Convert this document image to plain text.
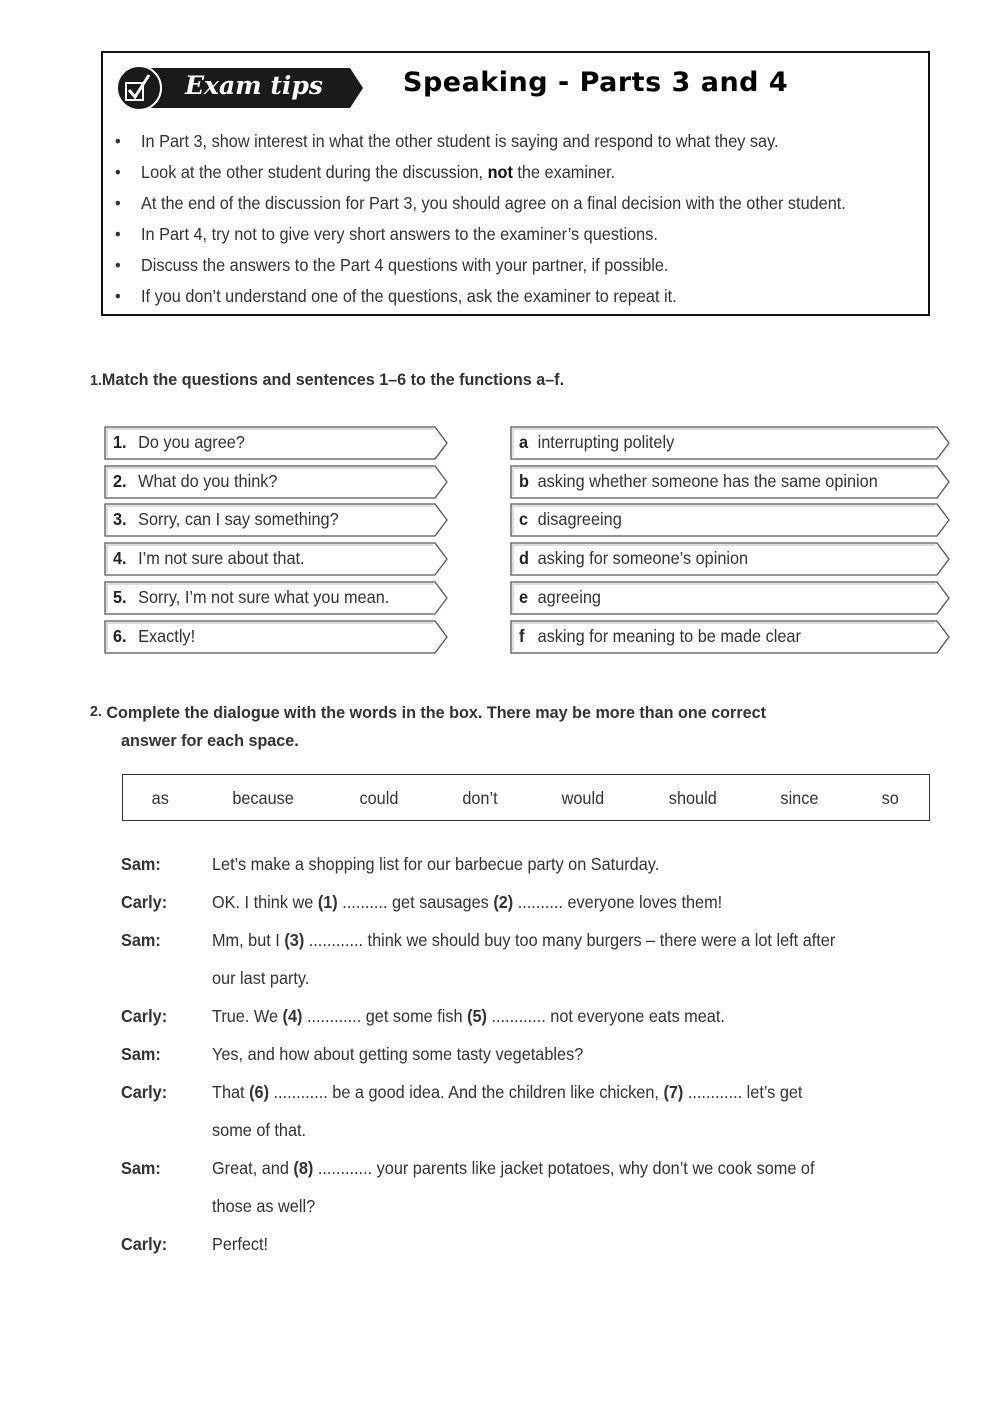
Exam tips	Speaking - Parts 3 and 4
• In Part 3, show interest in what the other student is saying and respond to what they say.
• Look at the other student during the discussion, not the examiner.
• At the end of the discussion for Part 3, you should agree on a final decision with the other student.
• In Part 4, try not to give very short answers to the examiner’s questions.
• Discuss the answers to the Part 4 questions with your partner, if possible.
• If you don’t understand one of the questions, ask the examiner to repeat it.
1.Match the questions and sentences 1–6 to the functions a–f.
1. Do you agree?
2. What do you think?
3. Sorry, can I say something?
4. I’m not sure about that.
5. Sorry, I’m not sure what you mean.
6. Exactly!
a interrupting politely
b asking whether someone has the same opinion
c disagreeing
d asking for someone’s opinion
e agreeing
f asking for meaning to be made clear
2. Complete the dialogue with the words in the box. There may be more than one correct
answer for each space.
as	because	could	don’t	would	should	since	so
Sam:	Let’s make a shopping list for our barbecue party on Saturday.
Carly:	OK. I think we (1) .......... get sausages (2) .......... everyone loves them!
Sam:	Mm, but I (3) ............ think we should buy too many burgers – there were a lot left after
our last party.
Carly:	True. We (4) ............ get some fish (5) ............ not everyone eats meat.
Sam:	Yes, and how about getting some tasty vegetables?
Carly:	That (6) ............ be a good idea. And the children like chicken, (7) ............ let’s get
some of that.
Sam:	Great, and (8) ............ your parents like jacket potatoes, why don’t we cook some of
those as well?
Carly:	Perfect!
